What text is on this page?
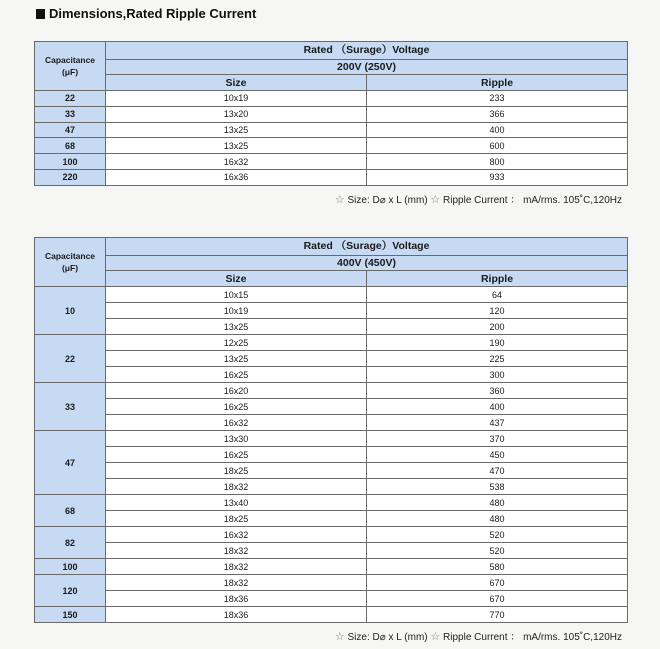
Dimensions,Rated Ripple Current
Capacitance
(μF)	Rated （Surage）Voltage	
	200V (250V)	
	Size	Ripple
22	10x19	233
33	13x20	366
47	13x25	400
68	13x25	600
100	16x32	800
220	16x36	933
☆ Size: D⌀ x L (mm) ☆ Ripple Current ： mA/rms. 105˚C,120Hz
Capacitance
(μF)	Rated （Surage）Voltage	
	400V (450V)	
	Size	Ripple
10	10x15	64
	10x19	120
	13x25	200
22	12x25	190
	13x25	225
	16x25	300
33	16x20	360
	16x25	400
	16x32	437
47	13x30	370
	16x25	450
	18x25	470
	18x32	538
68	13x40	480
	18x25	480
82	16x32	520
	18x32	520
100	18x32	580
120	18x32	670
	18x36	670
150	18x36	770
☆ Size: D⌀ x L (mm) ☆ Ripple Current ： mA/rms. 105˚C,120Hz
